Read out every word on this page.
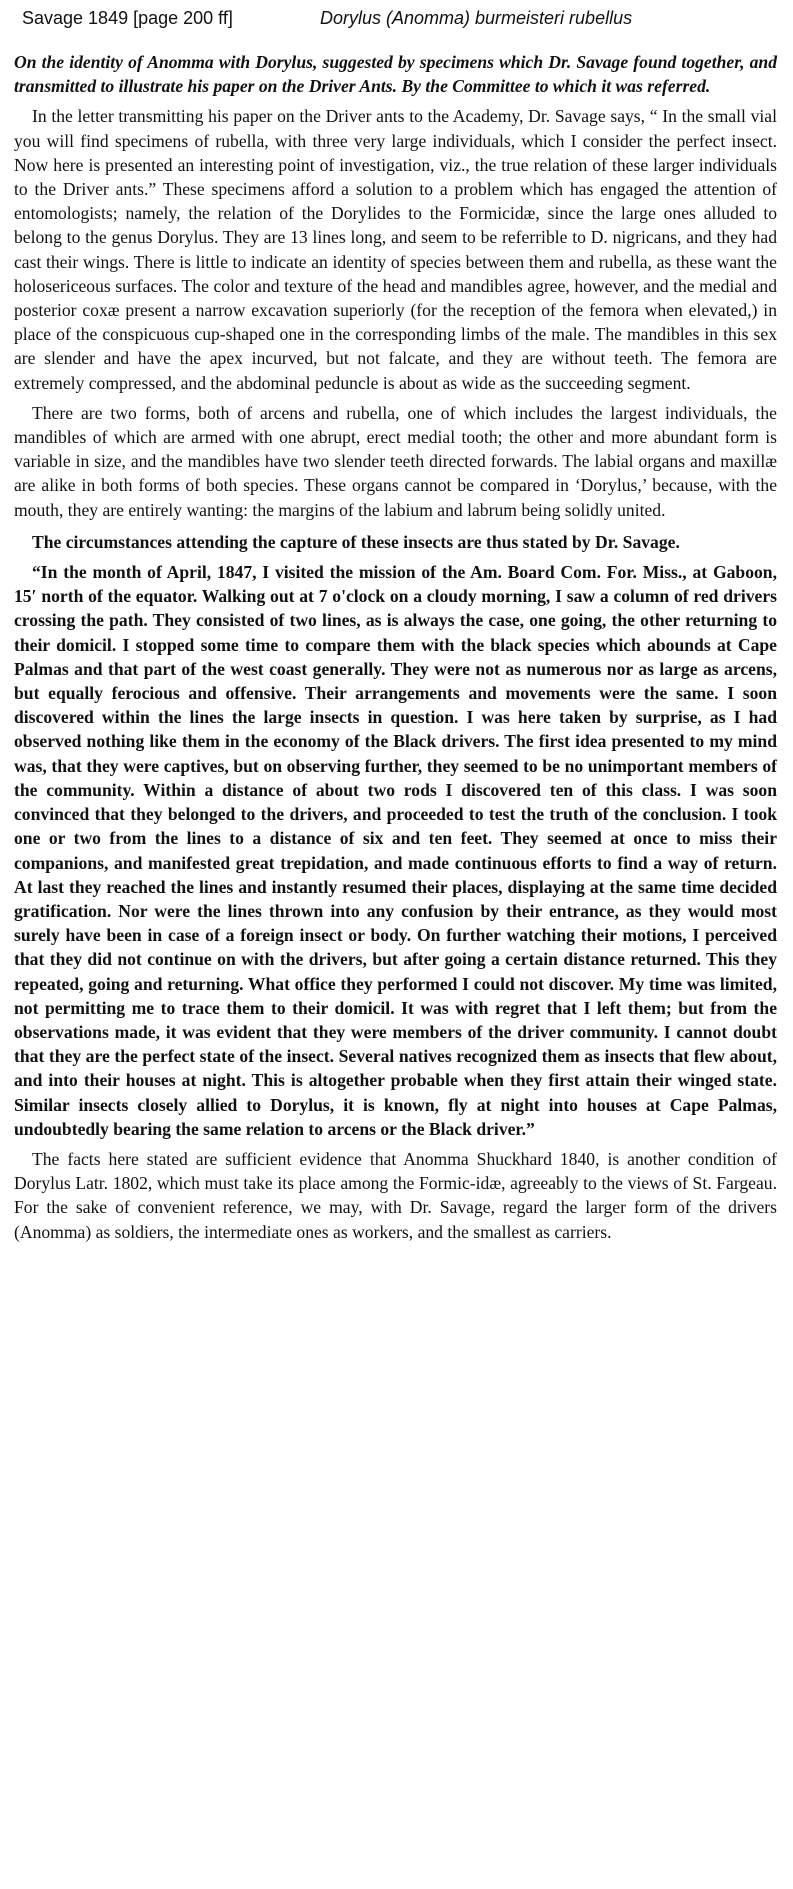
Savage 1849 [page 200 ff]	Dorylus (Anomma) burmeisteri rubellus

On the identity of Anomma with Dorylus, suggested by specimens which Dr. Savage found together, and transmitted to illustrate his paper on the Driver Ants. By the Committee to which it was referred.

In the letter transmitting his paper on the Driver ants to the Academy, Dr. Savage says, “ In the small vial you will find specimens of rubella, with three very large individuals, which I consider the perfect insect. Now here is presented an interesting point of investigation, viz., the true relation of these larger individuals to the Driver ants.” These specimens afford a solution to a problem which has engaged the attention of entomologists; namely, the relation of the Dorylides to the Formicidæ, since the large ones alluded to belong to the genus Dorylus. They are 13 lines long, and seem to be referrible to D. nigricans, and they had cast their wings. There is little to indicate an identity of species between them and rubella, as these want the holosericeous surfaces. The color and texture of the head and mandibles agree, however, and the medial and posterior coxæ present a narrow excavation superiorly (for the reception of the femora when elevated,) in place of the conspicuous cup-shaped one in the corresponding limbs of the male. The mandibles in this sex are slender and have the apex incurved, but not falcate, and they are without teeth. The femora are extremely compressed, and the abdominal peduncle is about as wide as the succeeding segment.

There are two forms, both of arcens and rubella, one of which includes the largest individuals, the mandibles of which are armed with one abrupt, erect medial tooth; the other and more abundant form is variable in size, and the mandibles have two slender teeth directed forwards. The labial organs and maxillæ are alike in both forms of both species. These organs cannot be compared in ‘Dorylus,’ because, with the mouth, they are entirely wanting: the margins of the labium and labrum being solidly united.

The circumstances attending the capture of these insects are thus stated by Dr. Savage.

“In the month of April, 1847, I visited the mission of the Am. Board Com. For. Miss., at Gaboon, 15′ north of the equator. Walking out at 7 o'clock on a cloudy morning, I saw a column of red drivers crossing the path. They consisted of two lines, as is always the case, one going, the other returning to their domicil. I stopped some time to compare them with the black species which abounds at Cape Palmas and that part of the west coast generally. They were not as numerous nor as large as arcens, but equally ferocious and offensive. Their arrangements and movements were the same. I soon discovered within the lines the large insects in question. I was here taken by surprise, as I had observed nothing like them in the economy of the Black drivers. The first idea presented to my mind was, that they were captives, but on observing further, they seemed to be no unimportant members of the community. Within a distance of about two rods I discovered ten of this class. I was soon convinced that they belonged to the drivers, and proceeded to test the truth of the conclusion. I took one or two from the lines to a distance of six and ten feet. They seemed at once to miss their companions, and manifested great trepidation, and made continuous efforts to find a way of return. At last they reached the lines and instantly resumed their places, displaying at the same time decided gratification. Nor were the lines thrown into any confusion by their entrance, as they would most surely have been in case of a foreign insect or body. On further watching their motions, I perceived that they did not continue on with the drivers, but after going a certain distance returned. This they repeated, going and returning. What office they performed I could not discover. My time was limited, not permitting me to trace them to their domicil. It was with regret that I left them; but from the observations made, it was evident that they were members of the driver community. I cannot doubt that they are the perfect state of the insect. Several natives recognized them as insects that flew about, and into their houses at night. This is altogether probable when they first attain their winged state. Similar insects closely allied to Dorylus, it is known, fly at night into houses at Cape Palmas, undoubtedly bearing the same relation to arcens or the Black driver.”

The facts here stated are sufficient evidence that Anomma Shuckhard 1840, is another condition of Dorylus Latr. 1802, which must take its place among the Formic-idæ, agreeably to the views of St. Fargeau. For the sake of convenient reference, we may, with Dr. Savage, regard the larger form of the drivers (Anomma) as soldiers, the intermediate ones as workers, and the smallest as carriers.
